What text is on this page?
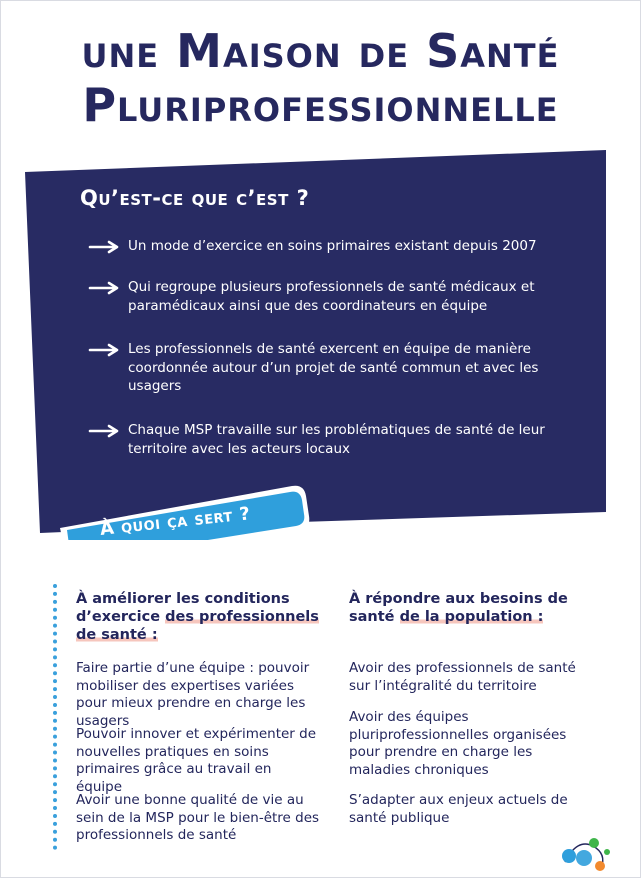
une Maison de Santé
Pluriprofessionnelle
Qu’est-ce que c’est ?
Un mode d’exercice en soins primaires existant depuis 2007
Qui regroupe plusieurs professionnels de santé médicaux et paramédicaux ainsi que des coordinateurs en équipe
Les professionnels de santé exercent en équipe de manière coordonnée autour d’un projet de santé commun et avec les usagers
Chaque MSP travaille sur les problématiques de santé de leur territoire avec les acteurs locaux
À quoi ça sert ?
À améliorer les conditions d’exercice des professionnels de santé :
Faire partie d’une équipe : pouvoir mobiliser des expertises variées pour mieux prendre en charge les usagers
Pouvoir innover et expérimenter de nouvelles pratiques en soins primaires grâce au travail en équipe
Avoir une bonne qualité de vie au sein de la MSP pour le bien-être des professionnels de santé
À répondre aux besoins de santé de la population :
Avoir des professionnels de santé sur l’intégralité du territoire
Avoir des équipes pluriprofessionnelles organisées pour prendre en charge les maladies chroniques
S’adapter aux enjeux actuels de santé publique
